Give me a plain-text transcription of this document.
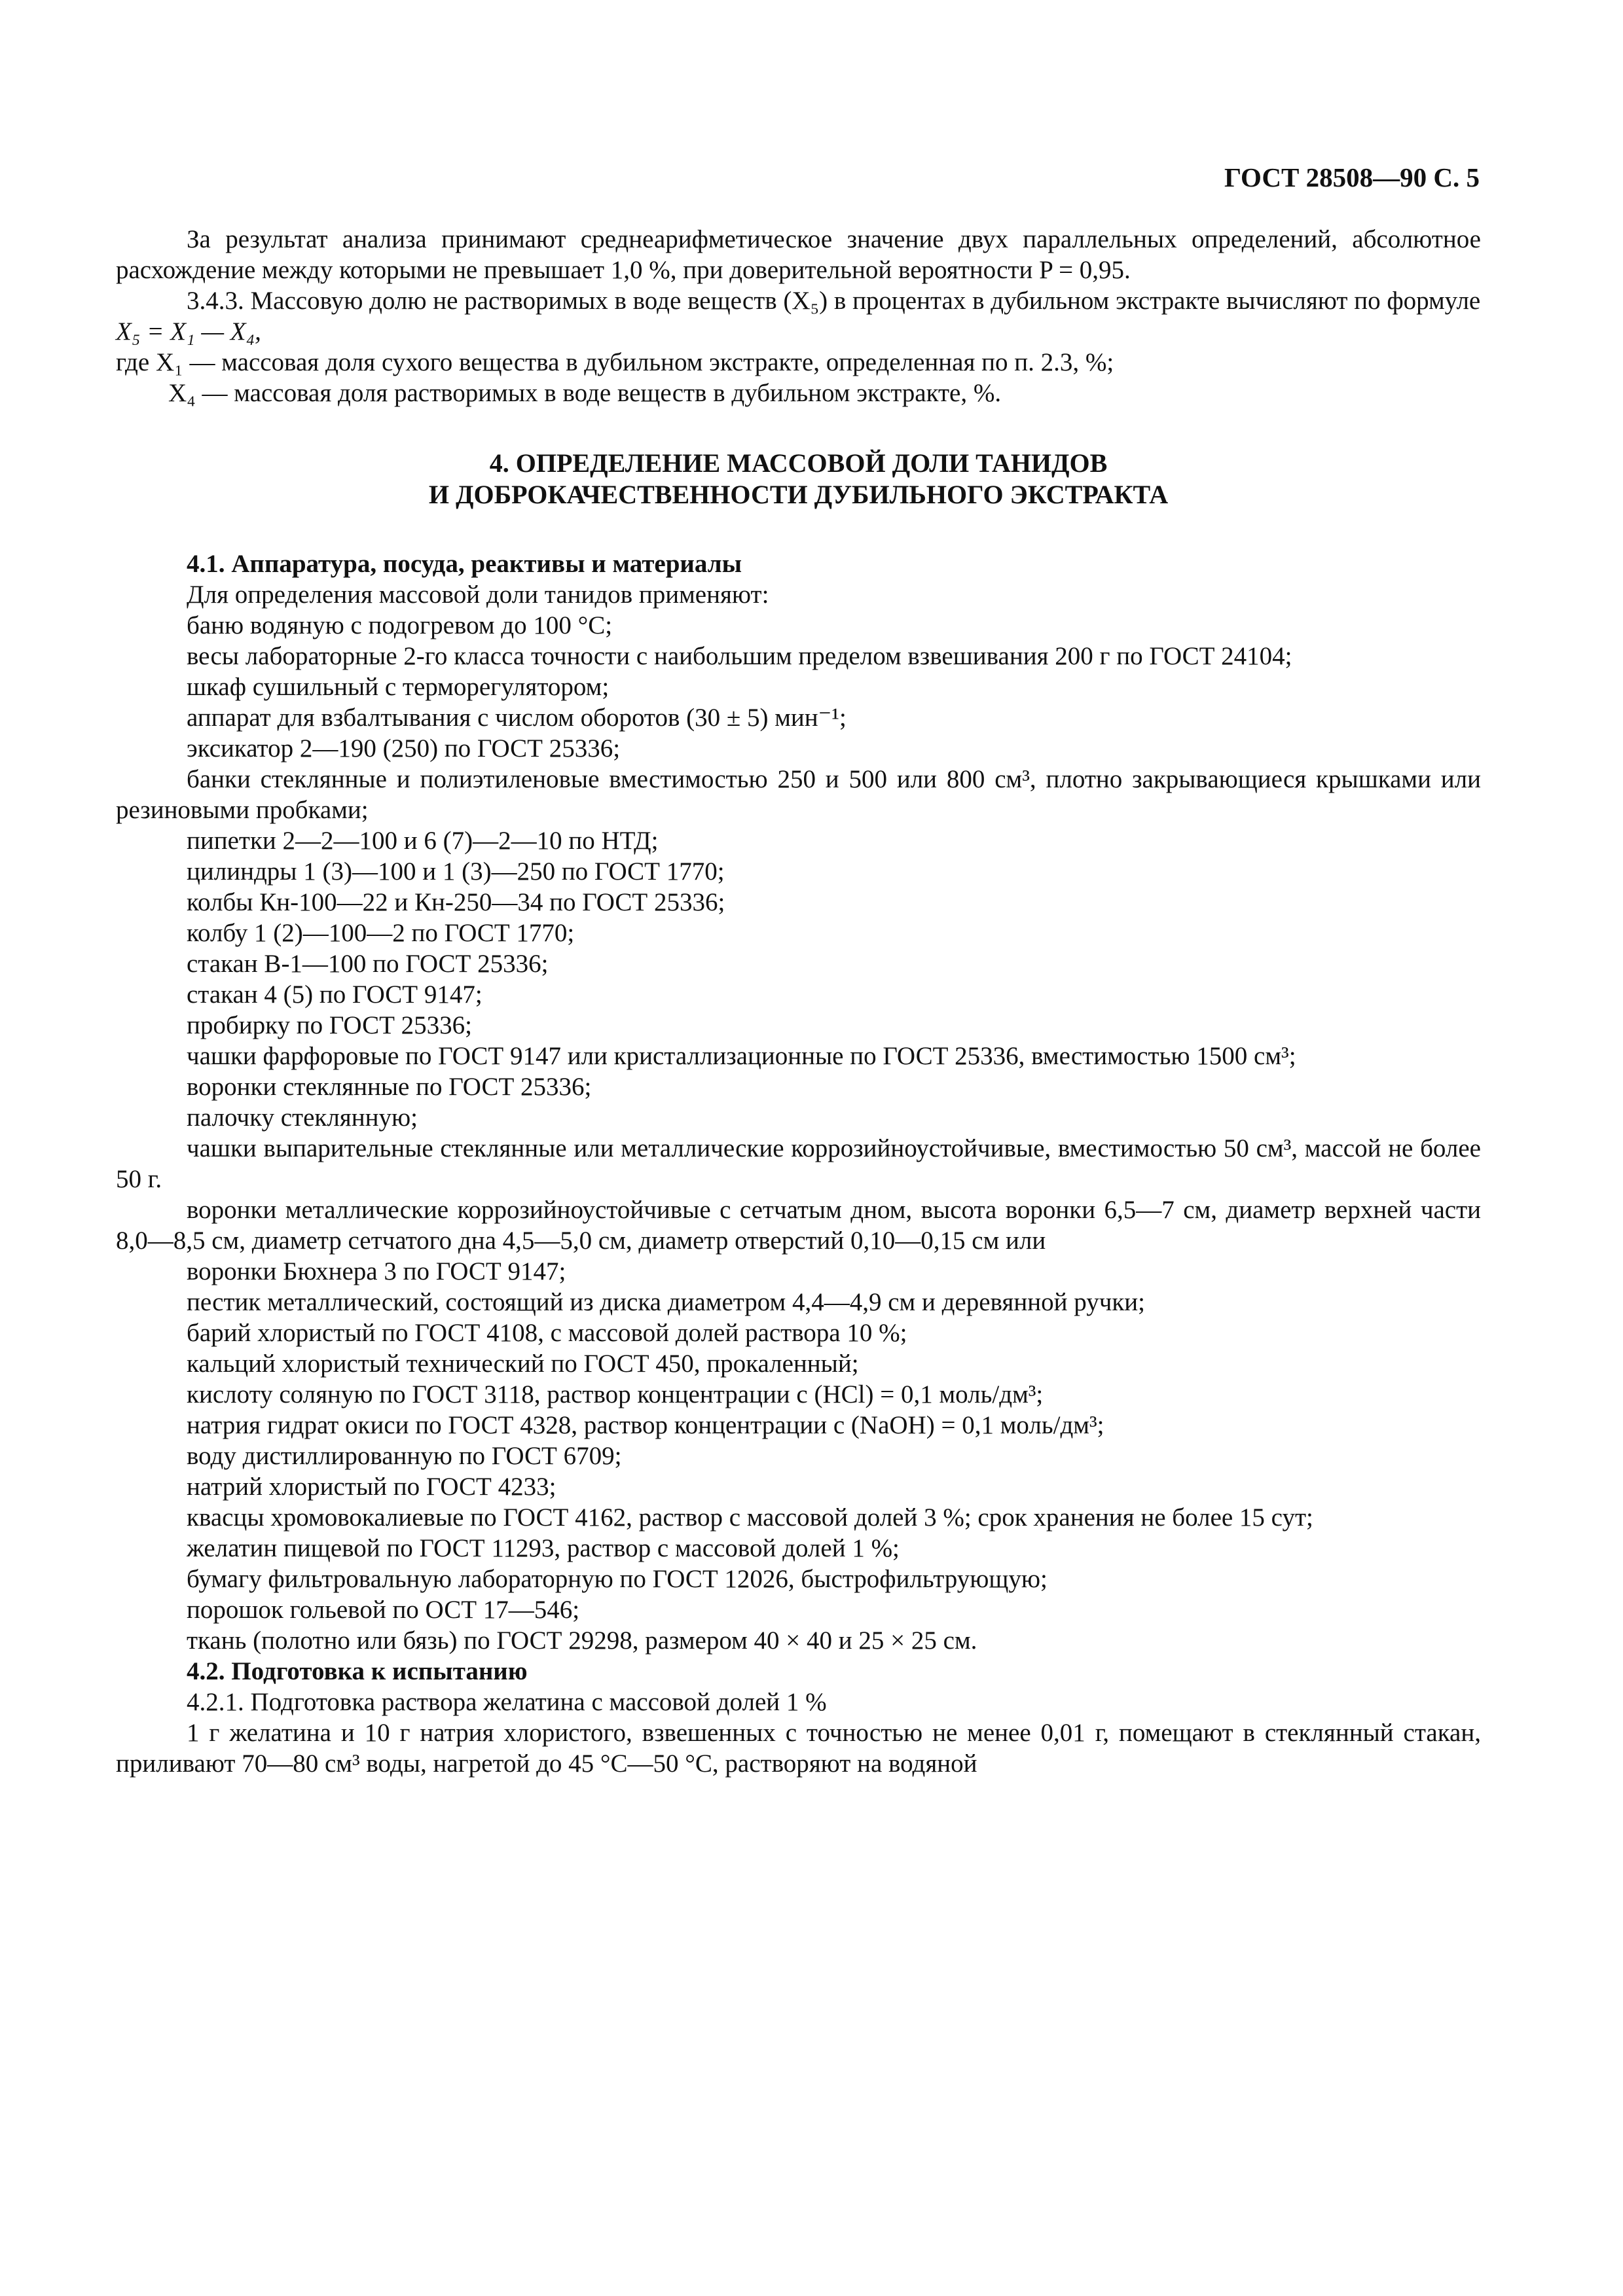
ГОСТ 28508—90 С. 5

За результат анализа принимают среднеарифметическое значение двух параллельных определений, абсолютное расхождение между которыми не превышает 1,0 %, при доверительной вероятности P = 0,95.

3.4.3. Массовую долю не растворимых в воде веществ (X₅) в процентах в дубильном экстракте вычисляют по формуле

X₅ = X₁ — X₄,

где X₁ — массовая доля сухого вещества в дубильном экстракте, определенная по п. 2.3, %;

X₄ — массовая доля растворимых в воде веществ в дубильном экстракте, %.

4. ОПРЕДЕЛЕНИЕ МАССОВОЙ ДОЛИ ТАНИДОВ
И ДОБРОКАЧЕСТВЕННОСТИ ДУБИЛЬНОГО ЭКСТРАКТА

4.1. Аппаратура, посуда, реактивы и материалы

Для определения массовой доли танидов применяют:

баню водяную с подогревом до 100 °С;

весы лабораторные 2-го класса точности с наибольшим пределом взвешивания 200 г по ГОСТ 24104;

шкаф сушильный с терморегулятором;

аппарат для взбалтывания с числом оборотов (30 ± 5) мин⁻¹;

эксикатор 2—190 (250) по ГОСТ 25336;

банки стеклянные и полиэтиленовые вместимостью 250 и 500 или 800 см³, плотно закрывающиеся крышками или резиновыми пробками;

пипетки 2—2—100 и 6 (7)—2—10 по НТД;

цилиндры 1 (3)—100 и 1 (3)—250 по ГОСТ 1770;

колбы Кн-100—22 и Кн-250—34 по ГОСТ 25336;

колбу 1 (2)—100—2 по ГОСТ 1770;

стакан В-1—100 по ГОСТ 25336;

стакан 4 (5) по ГОСТ 9147;

пробирку по ГОСТ 25336;

чашки фарфоровые по ГОСТ 9147 или кристаллизационные по ГОСТ 25336, вместимостью 1500 см³;

воронки стеклянные по ГОСТ 25336;

палочку стеклянную;

чашки выпарительные стеклянные или металлические коррозийноустойчивые, вместимостью 50 см³, массой не более 50 г.

воронки металлические коррозийноустойчивые с сетчатым дном, высота воронки 6,5—7 см, диаметр верхней части 8,0—8,5 см, диаметр сетчатого дна 4,5—5,0 см, диаметр отверстий 0,10—0,15 см или

воронки Бюхнера 3 по ГОСТ 9147;

пестик металлический, состоящий из диска диаметром 4,4—4,9 см и деревянной ручки;

барий хлористый по ГОСТ 4108, с массовой долей раствора 10 %;

кальций хлористый технический по ГОСТ 450, прокаленный;

кислоту соляную по ГОСТ 3118, раствор концентрации c (HCl) = 0,1 моль/дм³;

натрия гидрат окиси по ГОСТ 4328, раствор концентрации c (NaOH) = 0,1 моль/дм³;

воду дистиллированную по ГОСТ 6709;

натрий хлористый по ГОСТ 4233;

квасцы хромовокалиевые по ГОСТ 4162, раствор с массовой долей 3 %; срок хранения не более 15 сут;

желатин пищевой по ГОСТ 11293, раствор с массовой долей 1 %;

бумагу фильтровальную лабораторную по ГОСТ 12026, быстрофильтрующую;

порошок гольевой по ОСТ 17—546;

ткань (полотно или бязь) по ГОСТ 29298, размером 40 × 40 и 25 × 25 см.

4.2. Подготовка к испытанию

4.2.1. Подготовка раствора желатина с массовой долей 1 %

1 г желатина и 10 г натрия хлористого, взвешенных с точностью не менее 0,01 г, помещают в стеклянный стакан, приливают 70—80 см³ воды, нагретой до 45 °С—50 °С, растворяют на водяной
